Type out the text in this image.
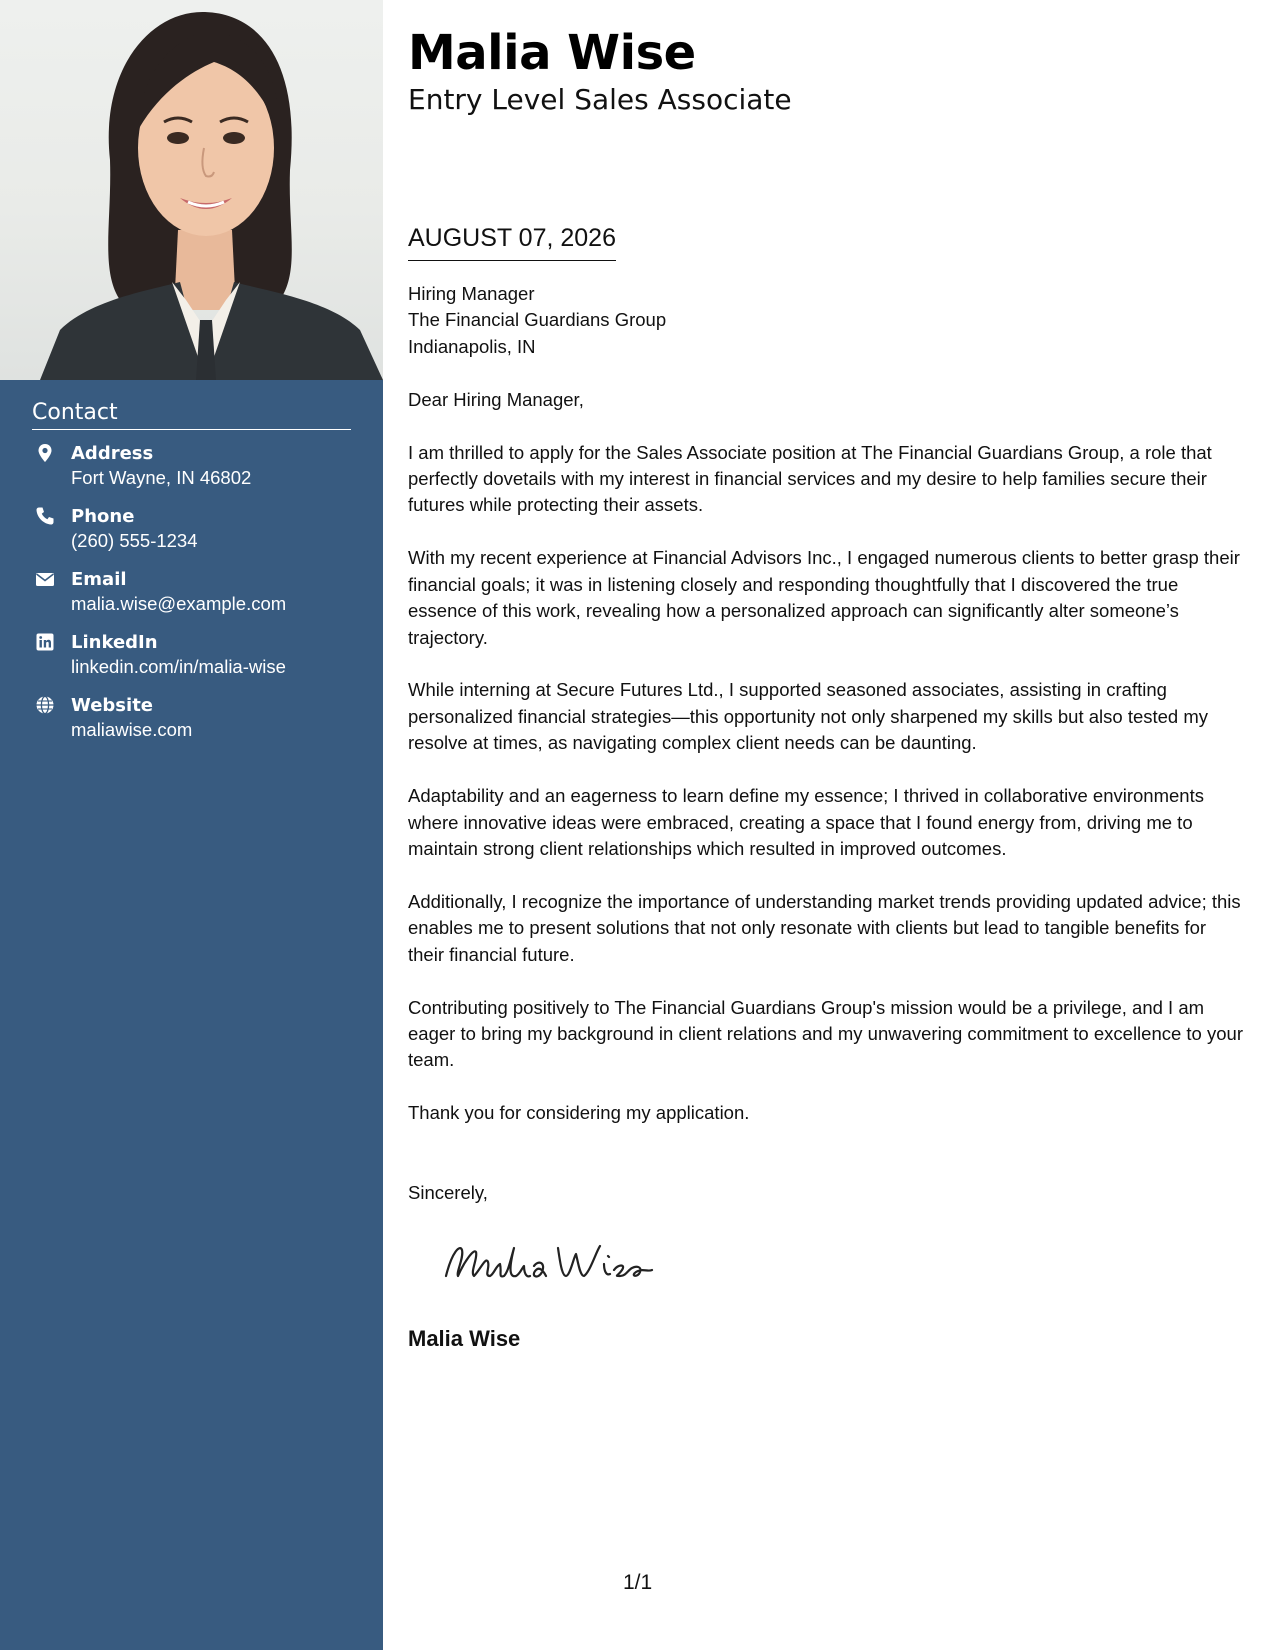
Contact
Address
Fort Wayne, IN 46802
Phone
(260) 555-1234
Email
malia.wise@example.com
LinkedIn
linkedin.com/in/malia-wise
Website
maliawise.com
Malia Wise
Entry Level Sales Associate
AUGUST 07, 2026

Hiring Manager

The Financial Guardians Group

Indianapolis, IN

Dear Hiring Manager,

I am thrilled to apply for the Sales Associate position at The Financial Guardians Group, a role that perfectly dovetails with my interest in financial services and my desire to help families secure their futures while protecting their assets.

With my recent experience at Financial Advisors Inc., I engaged numerous clients to better grasp their financial goals; it was in listening closely and responding thoughtfully that I discovered the true essence of this work, revealing how a personalized approach can significantly alter someone’s trajectory.

While interning at Secure Futures Ltd., I supported seasoned associates, assisting in crafting personalized financial strategies—this opportunity not only sharpened my skills but also tested my resolve at times, as navigating complex client needs can be daunting.

Adaptability and an eagerness to learn define my essence; I thrived in collaborative environments where innovative ideas were embraced, creating a space that I found energy from, driving me to maintain strong client relationships which resulted in improved outcomes.

Additionally, I recognize the importance of understanding market trends providing updated advice; this enables me to present solutions that not only resonate with clients but lead to tangible benefits for their financial future.

Contributing positively to The Financial Guardians Group's mission would be a privilege, and I am eager to bring my background in client relations and my unwavering commitment to excellence to your team.

Thank you for considering my application.

Sincerely,
Malia Wise
1/1
